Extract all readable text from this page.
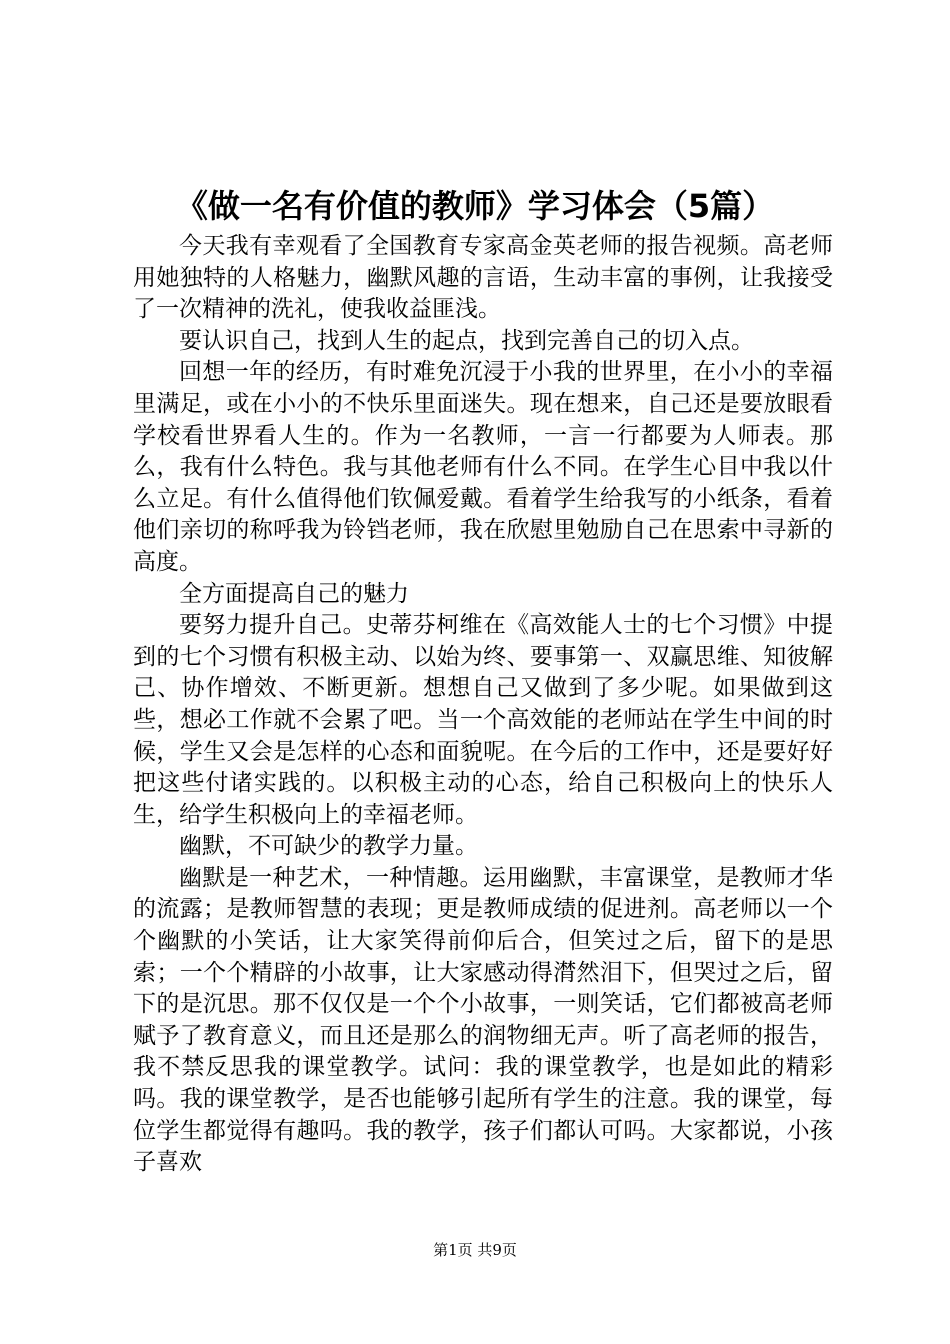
《做一名有价值的教师》学习体会（5篇）

今天我有幸观看了全国教育专家高金英老师的报告视频。高老师用她独特的人格魅力，幽默风趣的言语，生动丰富的事例，让我接受了一次精神的洗礼，使我收益匪浅。

要认识自己，找到人生的起点，找到完善自己的切入点。

回想一年的经历，有时难免沉浸于小我的世界里，在小小的幸福里满足，或在小小的不快乐里面迷失。现在想来，自己还是要放眼看学校看世界看人生的。作为一名教师，一言一行都要为人师表。那么，我有什么特色。我与其他老师有什么不同。在学生心目中我以什么立足。有什么值得他们钦佩爱戴。看着学生给我写的小纸条，看着他们亲切的称呼我为铃铛老师，我在欣慰里勉励自己在思索中寻新的高度。

全方面提高自己的魅力

要努力提升自己。史蒂芬柯维在《高效能人士的七个习惯》中提到的七个习惯有积极主动、以始为终、要事第一、双赢思维、知彼解己、协作增效、不断更新。想想自己又做到了多少呢。如果做到这些，想必工作就不会累了吧。当一个高效能的老师站在学生中间的时候，学生又会是怎样的心态和面貌呢。在今后的工作中，还是要好好把这些付诸实践的。以积极主动的心态，给自己积极向上的快乐人生，给学生积极向上的幸福老师。

幽默，不可缺少的教学力量。

幽默是一种艺术，一种情趣。运用幽默，丰富课堂，是教师才华的流露；是教师智慧的表现；更是教师成绩的促进剂。高老师以一个个幽默的小笑话，让大家笑得前仰后合，但笑过之后，留下的是思索；一个个精辟的小故事，让大家感动得潸然泪下，但哭过之后，留下的是沉思。那不仅仅是一个个小故事，一则笑话，它们都被高老师赋予了教育意义，而且还是那么的润物细无声。听了高老师的报告，我不禁反思我的课堂教学。试问：我的课堂教学，也是如此的精彩吗。我的课堂教学，是否也能够引起所有学生的注意。我的课堂，每位学生都觉得有趣吗。我的教学，孩子们都认可吗。大家都说，小孩子喜欢

第1页 共9页
